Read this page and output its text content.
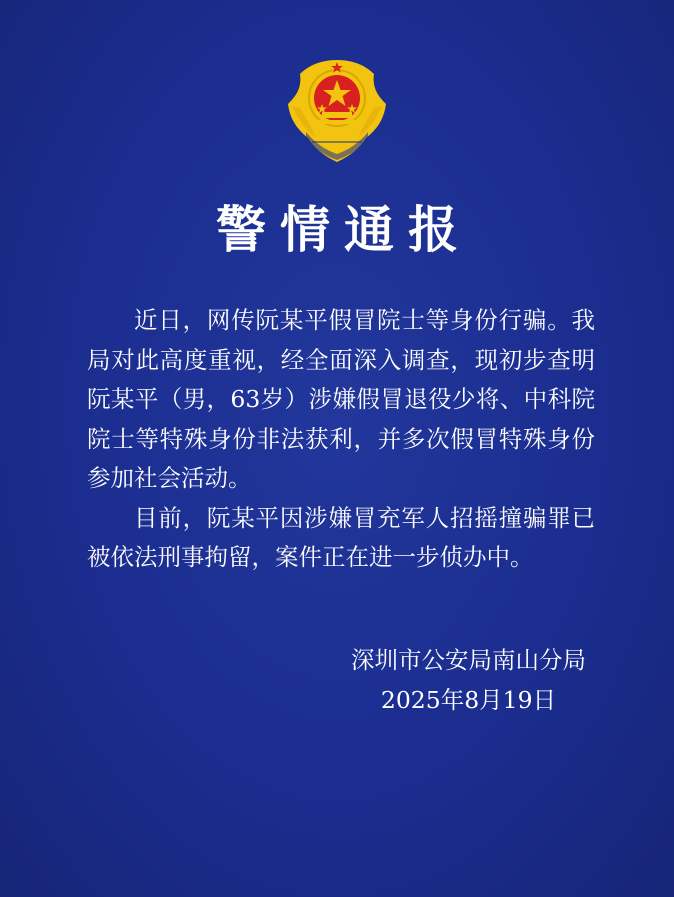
警情通报

近日，网传阮某平假冒院士等身份行骗。我局对此高度重视，经全面深入调查，现初步查明阮某平（男，63岁）涉嫌假冒退役少将、中科院院士等特殊身份非法获利，并多次假冒特殊身份参加社会活动。

目前，阮某平因涉嫌冒充军人招摇撞骗罪已被依法刑事拘留，案件正在进一步侦办中。

深圳市公安局南山分局
2025年8月19日
